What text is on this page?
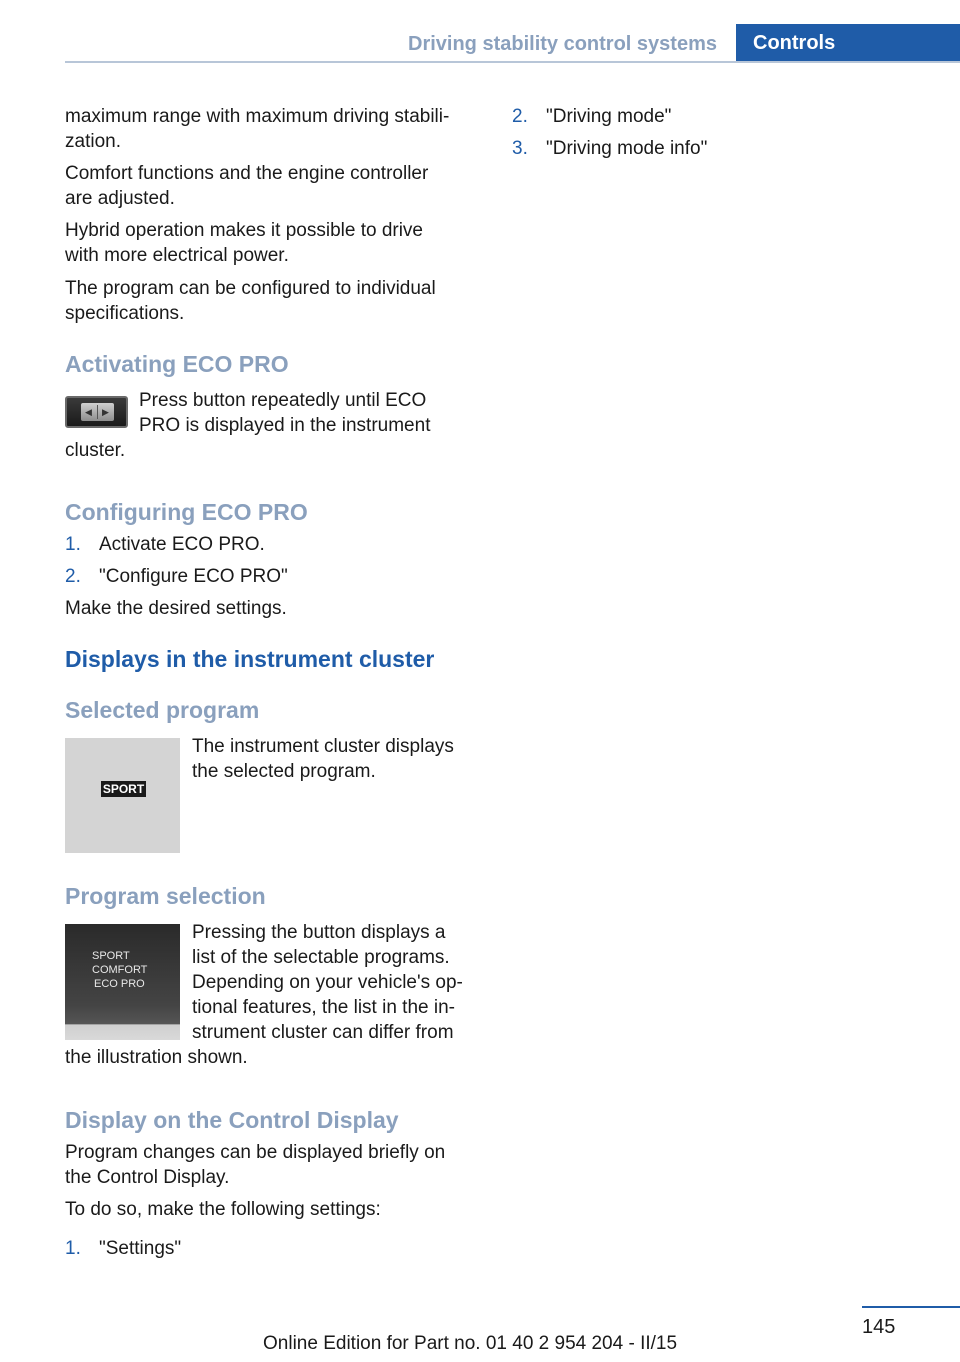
Driving stability control systems	Controls

maximum range with maximum driving stabili‐

zation.

Comfort functions and the engine controller

are adjusted.

Hybrid operation makes it possible to drive

with more electrical power.

The program can be configured to individual

specifications.

Activating ECO PRO
◀ ▶

Press button repeatedly until ECO

PRO is displayed in the instrument

cluster.

Configuring ECO PRO
1. Activate ECO PRO.
2. "Configure ECO PRO"

Make the desired settings.

Displays in the instrument cluster
Selected program
SPORT

The instrument cluster displays

the selected program.

Program selection
SPORT
COMFORT
ECO PRO

Pressing the button displays a

list of the selectable programs.

Depending on your vehicle's op‐

tional features, the list in the in‐

strument cluster can differ from

the illustration shown.

Display on the Control Display

Program changes can be displayed briefly on

the Control Display.

To do so, make the following settings:

1. "Settings"
2. "Driving mode"
3. "Driving mode info"
145
Online Edition for Part no. 01 40 2 954 204 - II/15
